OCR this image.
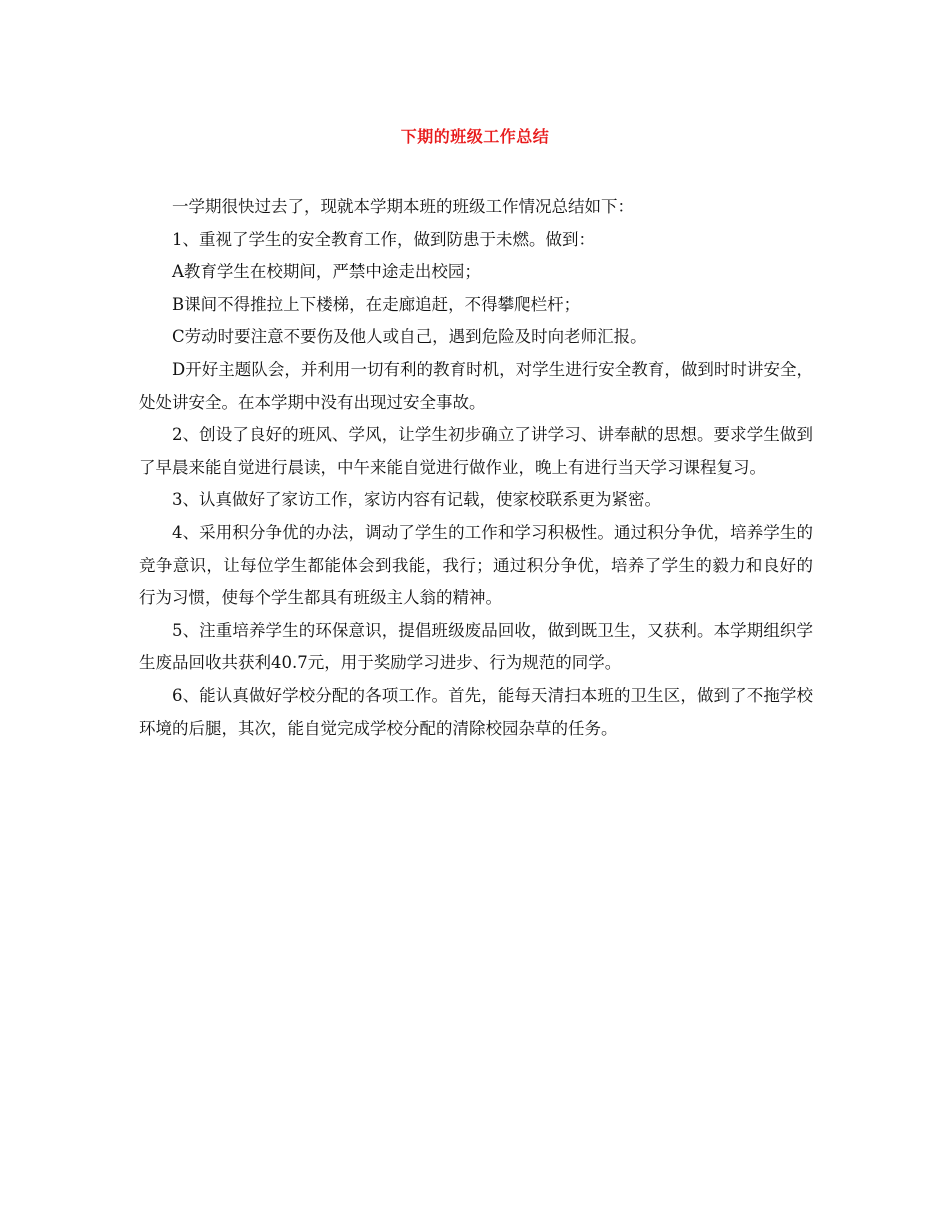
下期的班级工作总结

一学期很快过去了，现就本学期本班的班级工作情况总结如下：

1、重视了学生的安全教育工作，做到防患于未燃。做到：

A教育学生在校期间，严禁中途走出校园；

B课间不得推拉上下楼梯，在走廊追赶，不得攀爬栏杆；

C劳动时要注意不要伤及他人或自己，遇到危险及时向老师汇报。

D开好主题队会，并利用一切有利的教育时机，对学生进行安全教育，做到时时讲安全，处处讲安全。在本学期中没有出现过安全事故。

2、创设了良好的班风、学风，让学生初步确立了讲学习、讲奉献的思想。要求学生做到了早晨来能自觉进行晨读，中午来能自觉进行做作业，晚上有进行当天学习课程复习。

3、认真做好了家访工作，家访内容有记载，使家校联系更为紧密。

4、采用积分争优的办法，调动了学生的工作和学习积极性。通过积分争优，培养学生的竞争意识，让每位学生都能体会到我能，我行；通过积分争优，培养了学生的毅力和良好的行为习惯，使每个学生都具有班级主人翁的精神。

5、注重培养学生的环保意识，提倡班级废品回收，做到既卫生，又获利。本学期组织学生废品回收共获利40.7元，用于奖励学习进步、行为规范的同学。

6、能认真做好学校分配的各项工作。首先，能每天清扫本班的卫生区，做到了不拖学校环境的后腿，其次，能自觉完成学校分配的清除校园杂草的任务。
